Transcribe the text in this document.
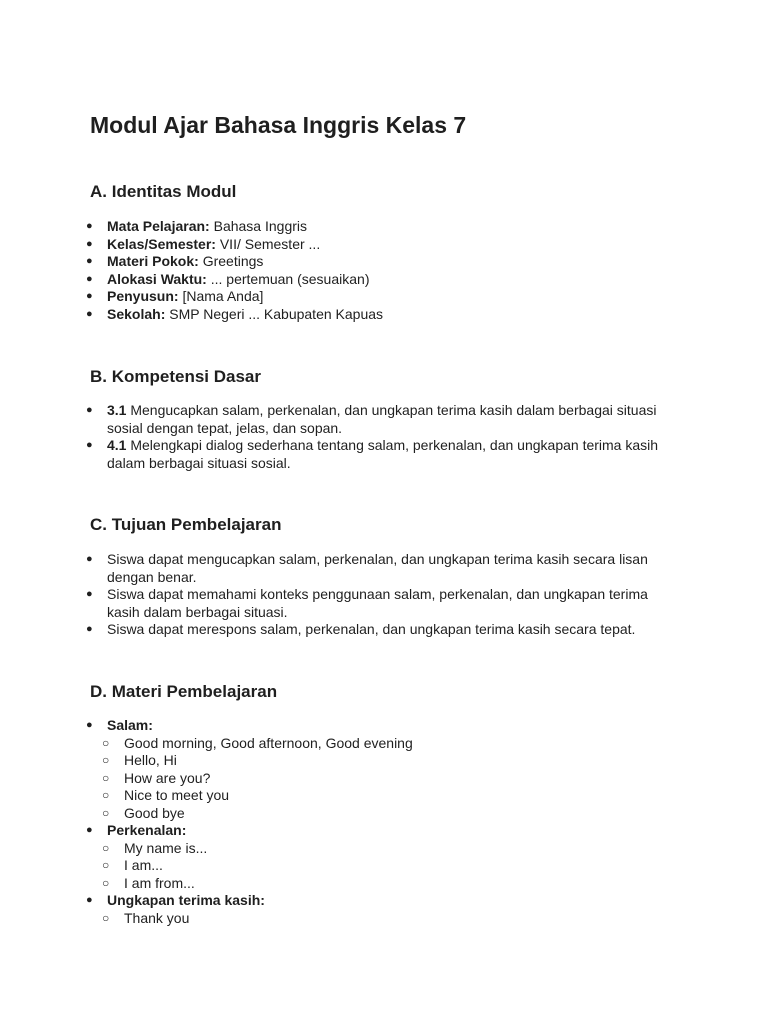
Modul Ajar Bahasa Inggris Kelas 7
A. Identitas Modul
● Mata Pelajaran: Bahasa Inggris
● Kelas/Semester: VII/ Semester ...
● Materi Pokok: Greetings
● Alokasi Waktu: ... pertemuan (sesuaikan)
● Penyusun: [Nama Anda]
● Sekolah: SMP Negeri ... Kabupaten Kapuas
B. Kompetensi Dasar
● 3.1 Mengucapkan salam, perkenalan, dan ungkapan terima kasih dalam berbagai situasi sosial dengan tepat, jelas, dan sopan.
● 4.1 Melengkapi dialog sederhana tentang salam, perkenalan, dan ungkapan terima kasih dalam berbagai situasi sosial.
C. Tujuan Pembelajaran
● Siswa dapat mengucapkan salam, perkenalan, dan ungkapan terima kasih secara lisan dengan benar.
● Siswa dapat memahami konteks penggunaan salam, perkenalan, dan ungkapan terima kasih dalam berbagai situasi.
● Siswa dapat merespons salam, perkenalan, dan ungkapan terima kasih secara tepat.
D. Materi Pembelajaran
● Salam:
○ Good morning, Good afternoon, Good evening
○ Hello, Hi
○ How are you?
○ Nice to meet you
○ Good bye
● Perkenalan:
○ My name is...
○ I am...
○ I am from...
● Ungkapan terima kasih:
○ Thank you
